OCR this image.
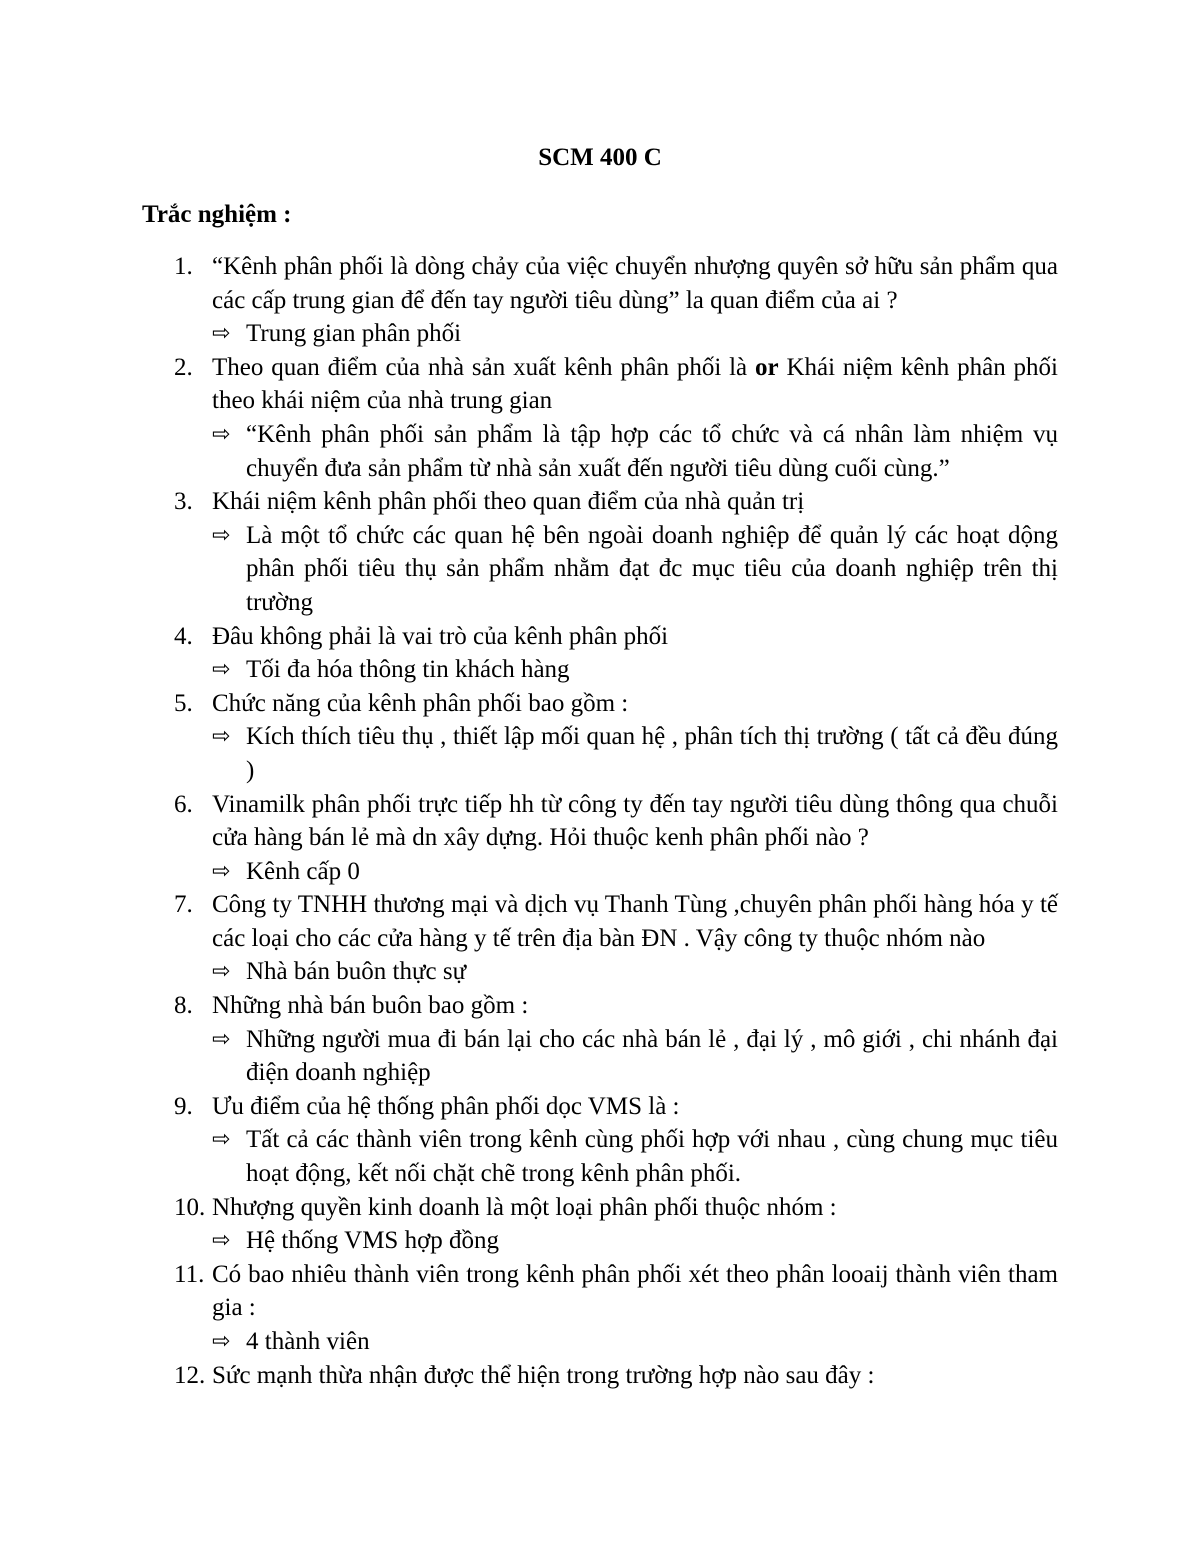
SCM 400 C
Trắc nghiệm :
1. “Kênh phân phối là dòng chảy của việc chuyển nhượng quyên sở hữu sản phẩm qua các cấp trung gian để đến tay người tiêu dùng” la quan điểm của ai ?
⇨ Trung gian phân phối
2. Theo quan điểm của nhà sản xuất kênh phân phối là or Khái niệm kênh phân phối theo khái niệm của nhà trung gian
⇨ “Kênh phân phối sản phẩm là tập hợp các tổ chức và cá nhân làm nhiệm vụ chuyển đưa sản phẩm từ nhà sản xuất đến người tiêu dùng cuối cùng.”
3. Khái niệm kênh phân phối theo quan điểm của nhà quản trị
⇨ Là một tổ chức các quan hệ bên ngoài doanh nghiệp để quản lý các hoạt dộng phân phối tiêu thụ sản phẩm nhằm đạt đc mục tiêu của doanh nghiệp trên thị trường
4. Đâu không phải là vai trò của kênh phân phối
⇨ Tối đa hóa thông tin khách hàng
5. Chức năng của kênh phân phối bao gồm :
⇨ Kích thích tiêu thụ , thiết lập mối quan hệ , phân tích thị trường ( tất cả đều đúng )
6. Vinamilk phân phối trực tiếp hh từ công ty đến tay người tiêu dùng thông qua chuỗi cửa hàng bán lẻ mà dn xây dựng. Hỏi thuộc kenh phân phối nào ?
⇨ Kênh cấp 0
7. Công ty TNHH thương mại và dịch vụ Thanh Tùng ,chuyên phân phối hàng hóa y tế các loại cho các cửa hàng y tế trên địa bàn ĐN . Vậy công ty thuộc nhóm nào
⇨ Nhà bán buôn thực sự
8. Những nhà bán buôn bao gồm :
⇨ Những người mua đi bán lại cho các nhà bán lẻ , đại lý , mô giới , chi nhánh đại điện doanh nghiệp
9. Ưu điểm của hệ thống phân phối dọc VMS là :
⇨ Tất cả các thành viên trong kênh cùng phối hợp với nhau , cùng chung mục tiêu hoạt động, kết nối chặt chẽ trong kênh phân phối.
10. Nhượng quyền kinh doanh là một loại phân phối thuộc nhóm :
⇨ Hệ thống VMS hợp đồng
11. Có bao nhiêu thành viên trong kênh phân phối xét theo phân looaij thành viên tham gia :
⇨ 4 thành viên
12. Sức mạnh thừa nhận được thể hiện trong trường hợp nào sau đây :
